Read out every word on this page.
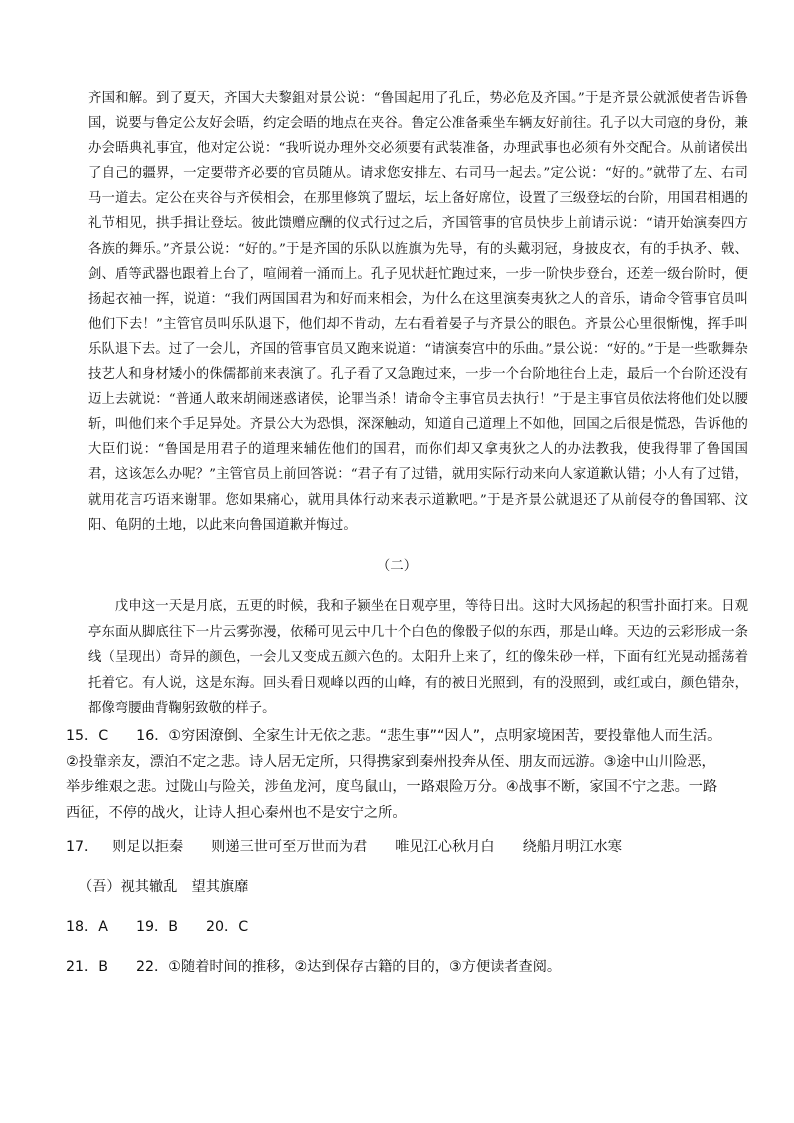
齐国和解。到了夏天，齐国大夫黎鉏对景公说：“鲁国起用了孔丘，势必危及齐国。”于是齐景公就派使者告诉鲁国，说要与鲁定公友好会晤，约定会晤的地点在夹谷。鲁定公准备乘坐车辆友好前往。孔子以大司寇的身份，兼办会晤典礼事宜，他对定公说：“我听说办理外交必须要有武装准备，办理武事也必须有外交配合。从前诸侯出了自己的疆界，一定要带齐必要的官员随从。请求您安排左、右司马一起去。”定公说：“好的。”就带了左、右司马一道去。定公在夹谷与齐侯相会，在那里修筑了盟坛，坛上备好席位，设置了三级登坛的台阶，用国君相遇的礼节相见，拱手揖让登坛。彼此馈赠应酬的仪式行过之后，齐国管事的官员快步上前请示说：“请开始演奏四方各族的舞乐。”齐景公说：“好的。”于是齐国的乐队以旌旗为先导，有的头戴羽冠，身披皮衣，有的手执矛、戟、剑、盾等武器也跟着上台了，喧闹着一涌而上。孔子见状赶忙跑过来，一步一阶快步登台，还差一级台阶时，便扬起衣袖一挥，说道：“我们两国国君为和好而来相会，为什么在这里演奏夷狄之人的音乐，请命令管事官员叫他们下去！”主管官员叫乐队退下，他们却不肯动，左右看着晏子与齐景公的眼色。齐景公心里很惭愧，挥手叫乐队退下去。过了一会儿，齐国的管事官员又跑来说道：“请演奏宫中的乐曲。”景公说：“好的。”于是一些歌舞杂技艺人和身材矮小的侏儒都前来表演了。孔子看了又急跑过来，一步一个台阶地往台上走，最后一个台阶还没有迈上去就说：“普通人敢来胡闹迷惑诸侯，论罪当杀！请命令主事官员去执行！”于是主事官员依法将他们处以腰斩，叫他们来个手足异处。齐景公大为恐惧，深深触动，知道自己道理上不如他，回国之后很是慌恐，告诉他的大臣们说：“鲁国是用君子的道理来辅佐他们的国君，而你们却又拿夷狄之人的办法教我，使我得罪了鲁国国君，这该怎么办呢？”主管官员上前回答说：“君子有了过错，就用实际行动来向人家道歉认错；小人有了过错，就用花言巧语来谢罪。您如果痛心，就用具体行动来表示道歉吧。”于是齐景公就退还了从前侵夺的鲁国郓、汶阳、龟阴的土地，以此来向鲁国道歉并悔过。

（二）

戊申这一天是月底，五更的时候，我和子颍坐在日观亭里，等待日出。这时大风扬起的积雪扑面打来。日观亭东面从脚底往下一片云雾弥漫，依稀可见云中几十个白色的像骰子似的东西，那是山峰。天边的云彩形成一条线（呈现出）奇异的颜色，一会儿又变成五颜六色的。太阳升上来了，红的像朱砂一样，下面有红光晃动摇荡着托着它。有人说，这是东海。回头看日观峰以西的山峰，有的被日光照到，有的没照到，或红或白，颜色错杂，都像弯腰曲背鞠躬致敬的样子。

15．C 16．①穷困潦倒、全家生计无依之悲。“悲生事”“因人”，点明家境困苦，要投靠他人而生活。②投靠亲友，漂泊不定之悲。诗人居无定所，只得携家到秦州投奔从侄、朋友而远游。③途中山川险恶，举步维艰之悲。过陇山与险关，涉鱼龙河，度鸟鼠山，一路艰险万分。④战事不断，家国不宁之悲。一路西征，不停的战火，让诗人担心秦州也不是安宁之所。
17． 则足以拒秦 则递三世可至万世而为君 唯见江心秋月白 绕船月明江水寒
（吾）视其辙乱　望其旗靡
18．A 19．B 20．C
21．B 22．①随着时间的推移，②达到保存古籍的目的，③方便读者查阅。
